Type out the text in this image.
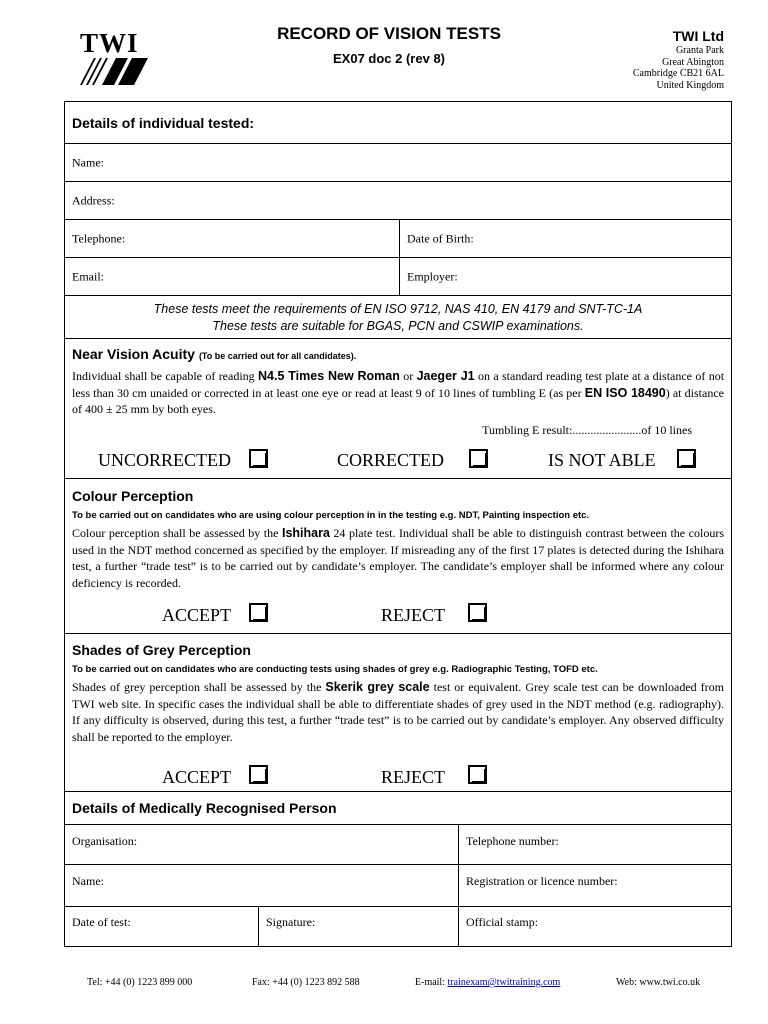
TWI	RECORD OF VISION TESTS
EX07 doc 2 (rev 8)
TWI Ltd
Granta Park
Great Abington
Cambridge CB21 6AL
United Kingdom
Details of individual tested:
Name:
Address:
Telephone:	Date of Birth:
Email:	Employer:
These tests meet the requirements of EN ISO 9712, NAS 410, EN 4179 and SNT-TC-1A
These tests are suitable for BGAS, PCN and CSWIP examinations.
Near Vision Acuity (To be carried out for all candidates).
Individual shall be capable of reading N4.5 Times New Roman or Jaeger J1 on a standard reading test plate at a distance of not less than 30 cm unaided or corrected in at least one eye or read at least 9 of 10 lines of tumbling E (as per EN ISO 18490) at distance of 400 ± 25 mm by both eyes.
Tumbling E result:.......................of 10 lines
UNCORRECTED	CORRECTED	IS NOT ABLE
Colour Perception
To be carried out on candidates who are using colour perception in in the testing e.g. NDT, Painting inspection etc.
Colour perception shall be assessed by the Ishihara 24 plate test. Individual shall be able to distinguish contrast between the colours used in the NDT method concerned as specified by the employer. If misreading any of the first 17 plates is detected during the Ishihara test, a further “trade test” is to be carried out by candidate’s employer. The candidate’s employer shall be informed where any colour deficiency is recorded.
ACCEPT	REJECT
Shades of Grey Perception
To be carried out on candidates who are conducting tests using shades of grey e.g. Radiographic Testing, TOFD etc.
Shades of grey perception shall be assessed by the Skerik grey scale test or equivalent. Grey scale test can be downloaded from TWI web site. In specific cases the individual shall be able to differentiate shades of grey used in the NDT method (e.g. radiography). If any difficulty is observed, during this test, a further “trade test” is to be carried out by candidate’s employer. Any observed difficulty shall be reported to the employer.
ACCEPT	REJECT
Details of Medically Recognised Person
Organisation:	Telephone number:
Name:	Registration or licence number:
Date of test:	Signature:	Official stamp:
Tel: +44 (0) 1223 899 000	Fax: +44 (0) 1223 892 588	E-mail: trainexam@twitraining.com	Web: www.twi.co.uk
